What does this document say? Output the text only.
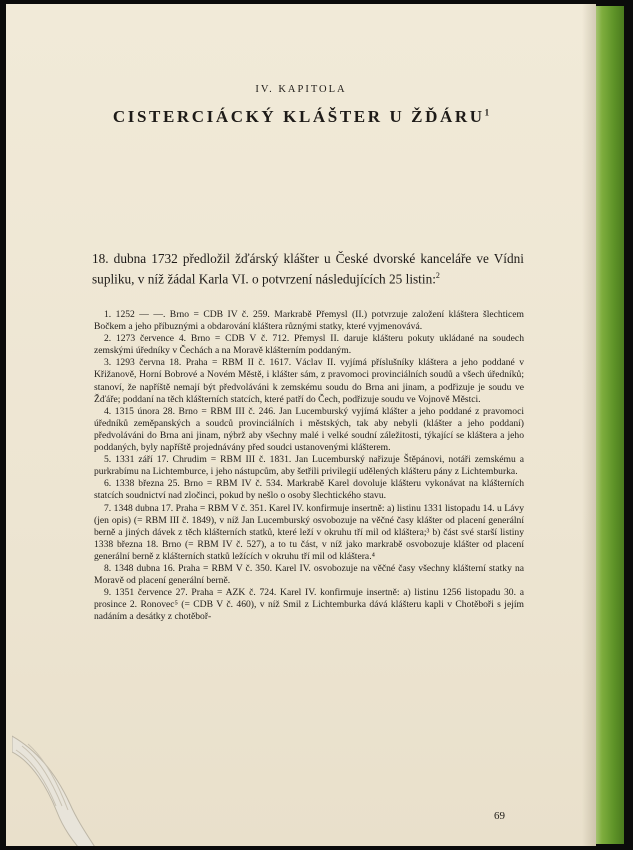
IV. KAPITOLA
CISTERCIÁCKÝ KLÁŠTER U ŽĎÁRU$^1$
18. dubna 1732 předložil žďárský klášter u České dvorské kanceláře ve Vídni supliku, v níž žádal Karla VI. o potvrzení následujících 25 listin:$^2$

1. 1252 — —. Brno = CDB IV č. 259. Markrabě Přemysl (II.) potvrzuje založení kláštera šlechticem Bočkem a jeho příbuznými a obdarování kláštera různými statky, které vyjmenovává.

2. 1273 července 4. Brno = CDB V č. 712. Přemysl II. daruje klášteru pokuty ukládané na soudech zemskými úředníky v Čechách a na Moravě klášterním poddaným.

3. 1293 června 18. Praha = RBM II č. 1617. Václav II. vyjímá příslušníky kláštera a jeho poddané v Křižanově, Horní Bobrové a Novém Městě, i klášter sám, z pravomoci provinciálních soudů a všech úředníků; stanoví, že napříště nemají být předvoláváni k zemskému soudu do Brna ani jinam, a podřizuje je soudu ve Žďáře; poddaní na těch klášterních statcích, které patří do Čech, podřizuje soudu ve Vojnově Městci.

4. 1315 února 28. Brno = RBM III č. 246. Jan Lucemburský vyjímá klášter a jeho poddané z pravomoci úředníků zeměpanských a soudců provinciálních i městských, tak aby nebyli (klášter a jeho poddaní) předvoláváni do Brna ani jinam, nýbrž aby všechny malé i velké soudní záležitosti, týkající se kláštera a jeho poddaných, byly napříště projednávány před soudci ustanovenými klášterem.

5. 1331 září 17. Chrudim = RBM III č. 1831. Jan Lucemburský nařizuje Štěpánovi, notáři zemskému a purkrabímu na Lichtemburce, i jeho nástupcům, aby šetřili privilegií udělených klášteru pány z Lichtemburka.

6. 1338 března 25. Brno = RBM IV č. 534. Markrabě Karel dovoluje klášteru vykonávat na klášterních statcích soudnictví nad zločinci, pokud by nešlo o osoby šlechtického stavu.

7. 1348 dubna 17. Praha = RBM V č. 351. Karel IV. konfirmuje insertně: a) listinu 1331 listopadu 14. u Lávy (jen opis) (= RBM III č. 1849), v níž Jan Lucemburský osvobozuje na věčné časy klášter od placení generální berně a jiných dávek z těch klášterních statků, které leží v okruhu tří mil od kláštera;³ b) část své starší listiny 1338 března 18. Brno (= RBM IV č. 527), a to tu část, v níž jako markrabě osvobozuje klášter od placení generální berně z klášterních statků ležících v okruhu tří mil od kláštera.⁴

8. 1348 dubna 16. Praha = RBM V č. 350. Karel IV. osvobozuje na věčné časy všechny klášterní statky na Moravě od placení generální berně.

9. 1351 července 27. Praha = AZK č. 724. Karel IV. konfirmuje insertně: a) listinu 1256 listopadu 30. a prosince 2. Ronovec⁵ (= CDB V č. 460), v níž Smil z Lichtemburka dává klášteru kapli v Chotěboři s jejím nadáním a desátky z chotěboř-

69
